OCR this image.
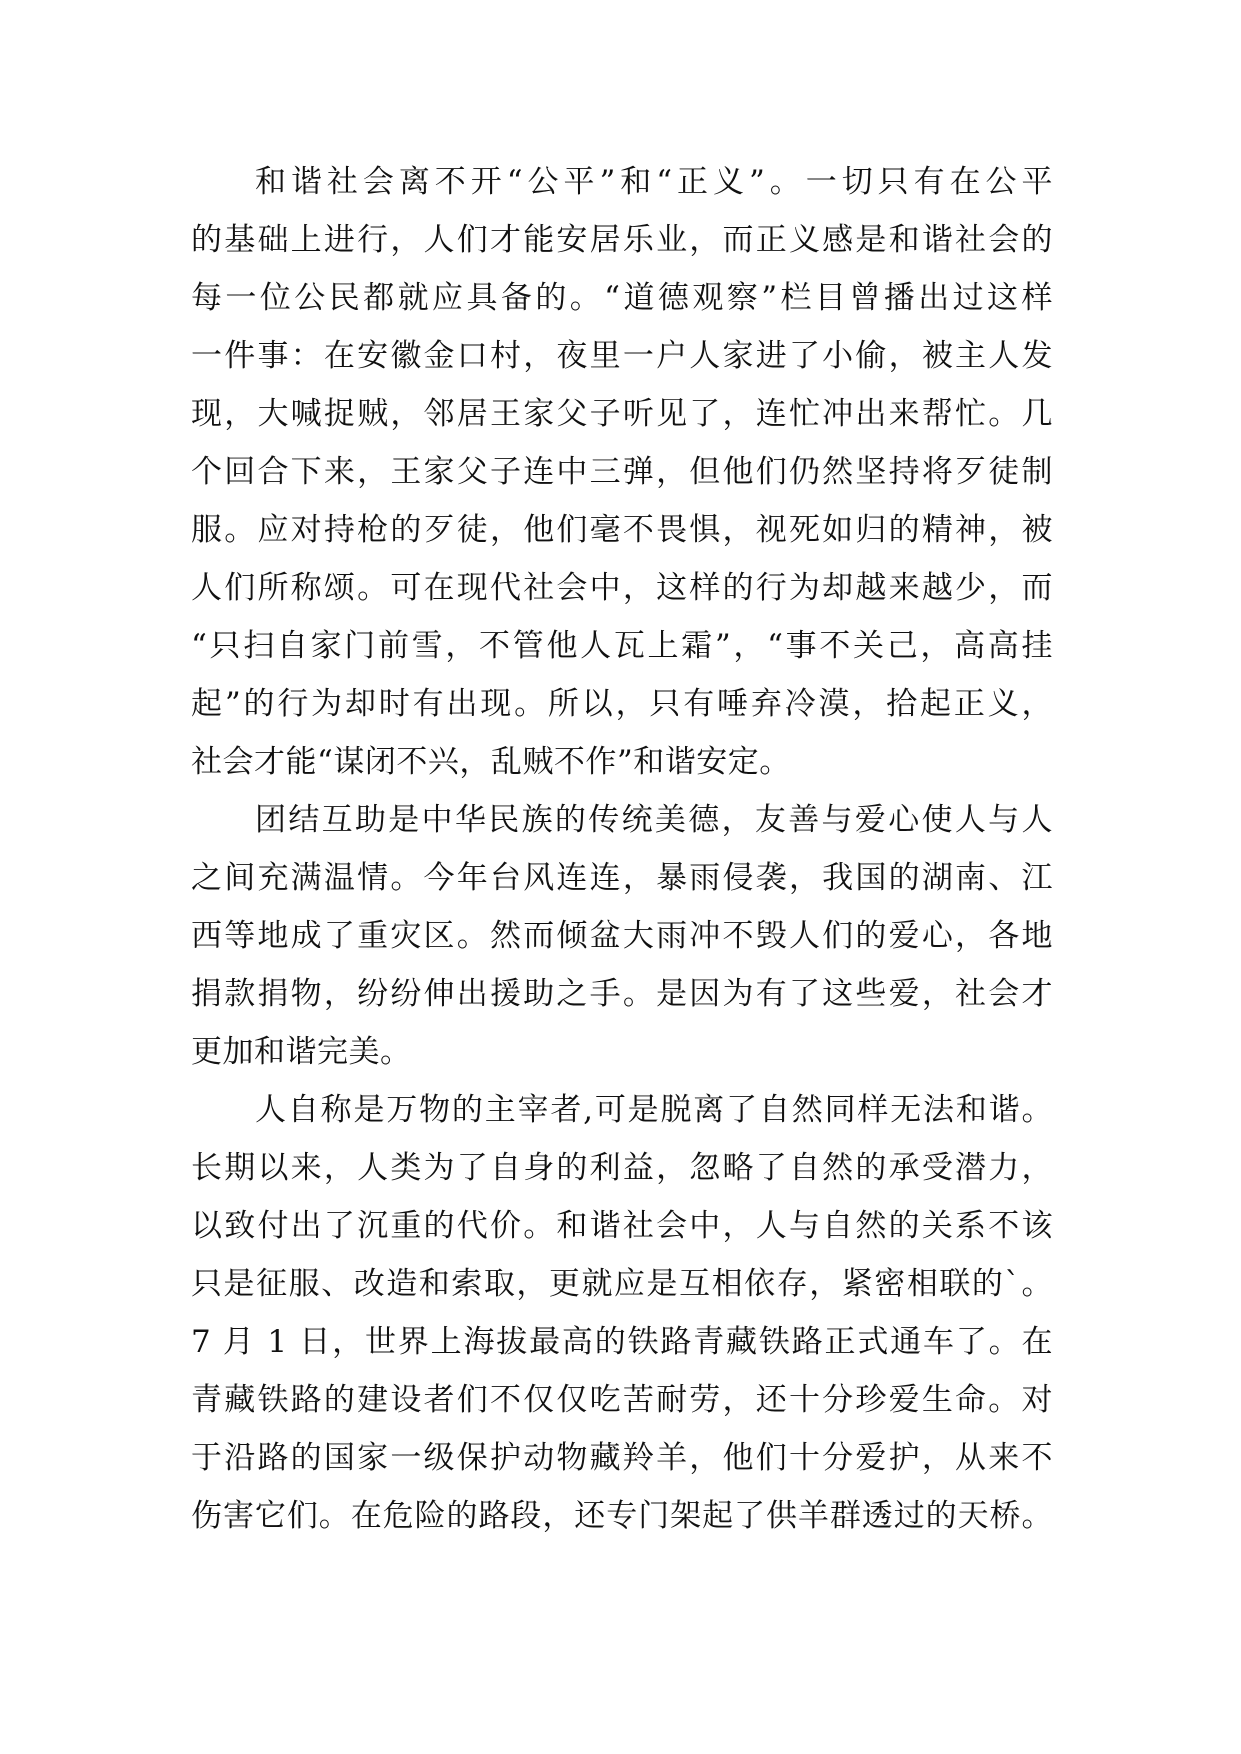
和谐社会离不开“公平”和“正义”。一切只有在公平
的基础上进行，人们才能安居乐业，而正义感是和谐社会的
每一位公民都就应具备的。“道德观察”栏目曾播出过这样
一件事：在安徽金口村，夜里一户人家进了小偷，被主人发
现，大喊捉贼，邻居王家父子听见了，连忙冲出来帮忙。几
个回合下来，王家父子连中三弹，但他们仍然坚持将歹徒制
服。应对持枪的歹徒，他们毫不畏惧，视死如归的精神，被
人们所称颂。可在现代社会中，这样的行为却越来越少，而
“只扫自家门前雪，不管他人瓦上霜”，“事不关己，高高挂
起”的行为却时有出现。所以，只有唾弃冷漠，拾起正义，
社会才能“谋闭不兴，乱贼不作”和谐安定。
团结互助是中华民族的传统美德，友善与爱心使人与人
之间充满温情。今年台风连连，暴雨侵袭，我国的湖南、江
西等地成了重灾区。然而倾盆大雨冲不毁人们的爱心，各地
捐款捐物，纷纷伸出援助之手。是因为有了这些爱，社会才
更加和谐完美。
人自称是万物的主宰者,可是脱离了自然同样无法和谐。
长期以来，人类为了自身的利益，忽略了自然的承受潜力，
以致付出了沉重的代价。和谐社会中，人与自然的关系不该
只是征服、改造和索取，更就应是互相依存，紧密相联的`。
7 月 1 日，世界上海拔最高的铁路青藏铁路正式通车了。在
青藏铁路的建设者们不仅仅吃苦耐劳，还十分珍爱生命。对
于沿路的国家一级保护动物藏羚羊，他们十分爱护，从来不
伤害它们。在危险的路段，还专门架起了供羊群透过的天桥。
